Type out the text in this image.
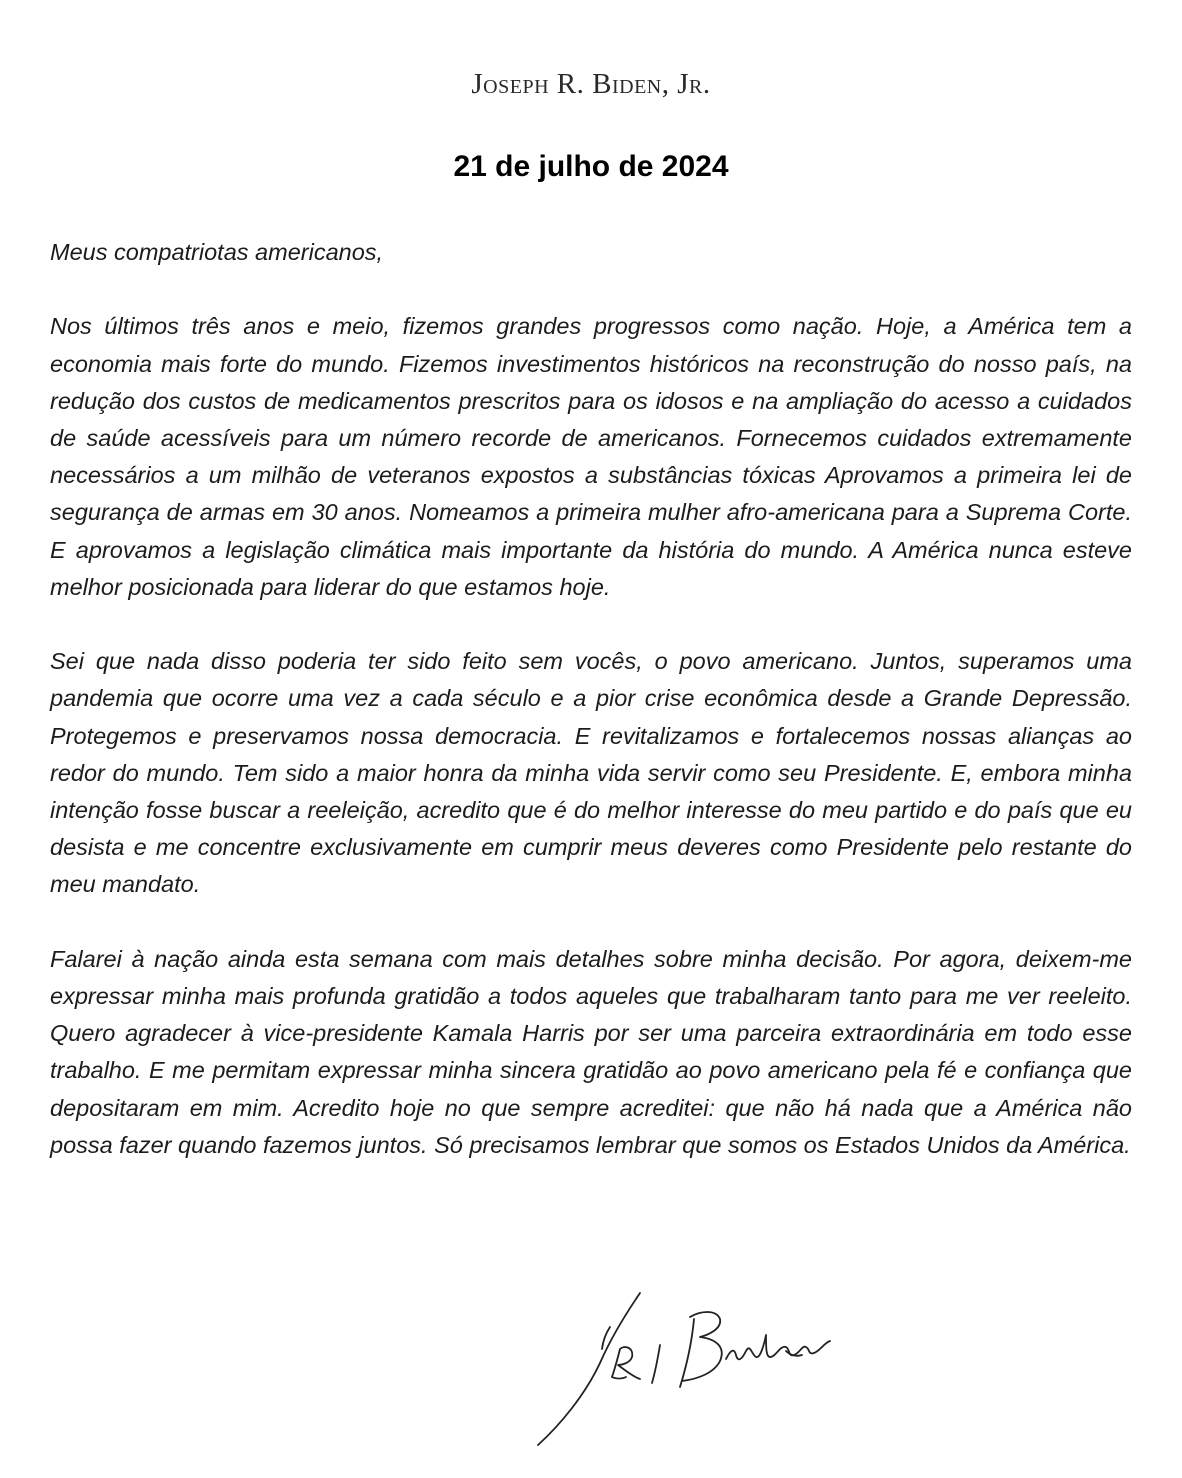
Joseph R. Biden, Jr.
21 de julho de 2024

Meus compatriotas americanos,

Nos últimos três anos e meio, fizemos grandes progressos como nação. Hoje, a América tem a economia mais forte do mundo. Fizemos investimentos históricos na reconstrução do nosso país, na redução dos custos de medicamentos prescritos para os idosos e na ampliação do acesso a cuidados de saúde acessíveis para um número recorde de americanos. Fornecemos cuidados extremamente necessários a um milhão de veteranos expostos a substâncias tóxicas Aprovamos a primeira lei de segurança de armas em 30 anos. Nomeamos a primeira mulher afro-americana para a Suprema Corte. E aprovamos a legislação climática mais importante da história do mundo. A América nunca esteve melhor posicionada para liderar do que estamos hoje.

Sei que nada disso poderia ter sido feito sem vocês, o povo americano. Juntos, superamos uma pandemia que ocorre uma vez a cada século e a pior crise econômica desde a Grande Depressão. Protegemos e preservamos nossa democracia. E revitalizamos e fortalecemos nossas alianças ao redor do mundo. Tem sido a maior honra da minha vida servir como seu Presidente. E, embora minha intenção fosse buscar a reeleição, acredito que é do melhor interesse do meu partido e do país que eu desista e me concentre exclusivamente em cumprir meus deveres como Presidente pelo restante do meu mandato.

Falarei à nação ainda esta semana com mais detalhes sobre minha decisão. Por agora, deixem-me expressar minha mais profunda gratidão a todos aqueles que trabalharam tanto para me ver reeleito. Quero agradecer à vice-presidente Kamala Harris por ser uma parceira extraordinária em todo esse trabalho. E me permitam expressar minha sincera gratidão ao povo americano pela fé e confiança que depositaram em mim. Acredito hoje no que sempre acreditei: que não há nada que a América não possa fazer quando fazemos juntos. Só precisamos lembrar que somos os Estados Unidos da América.
